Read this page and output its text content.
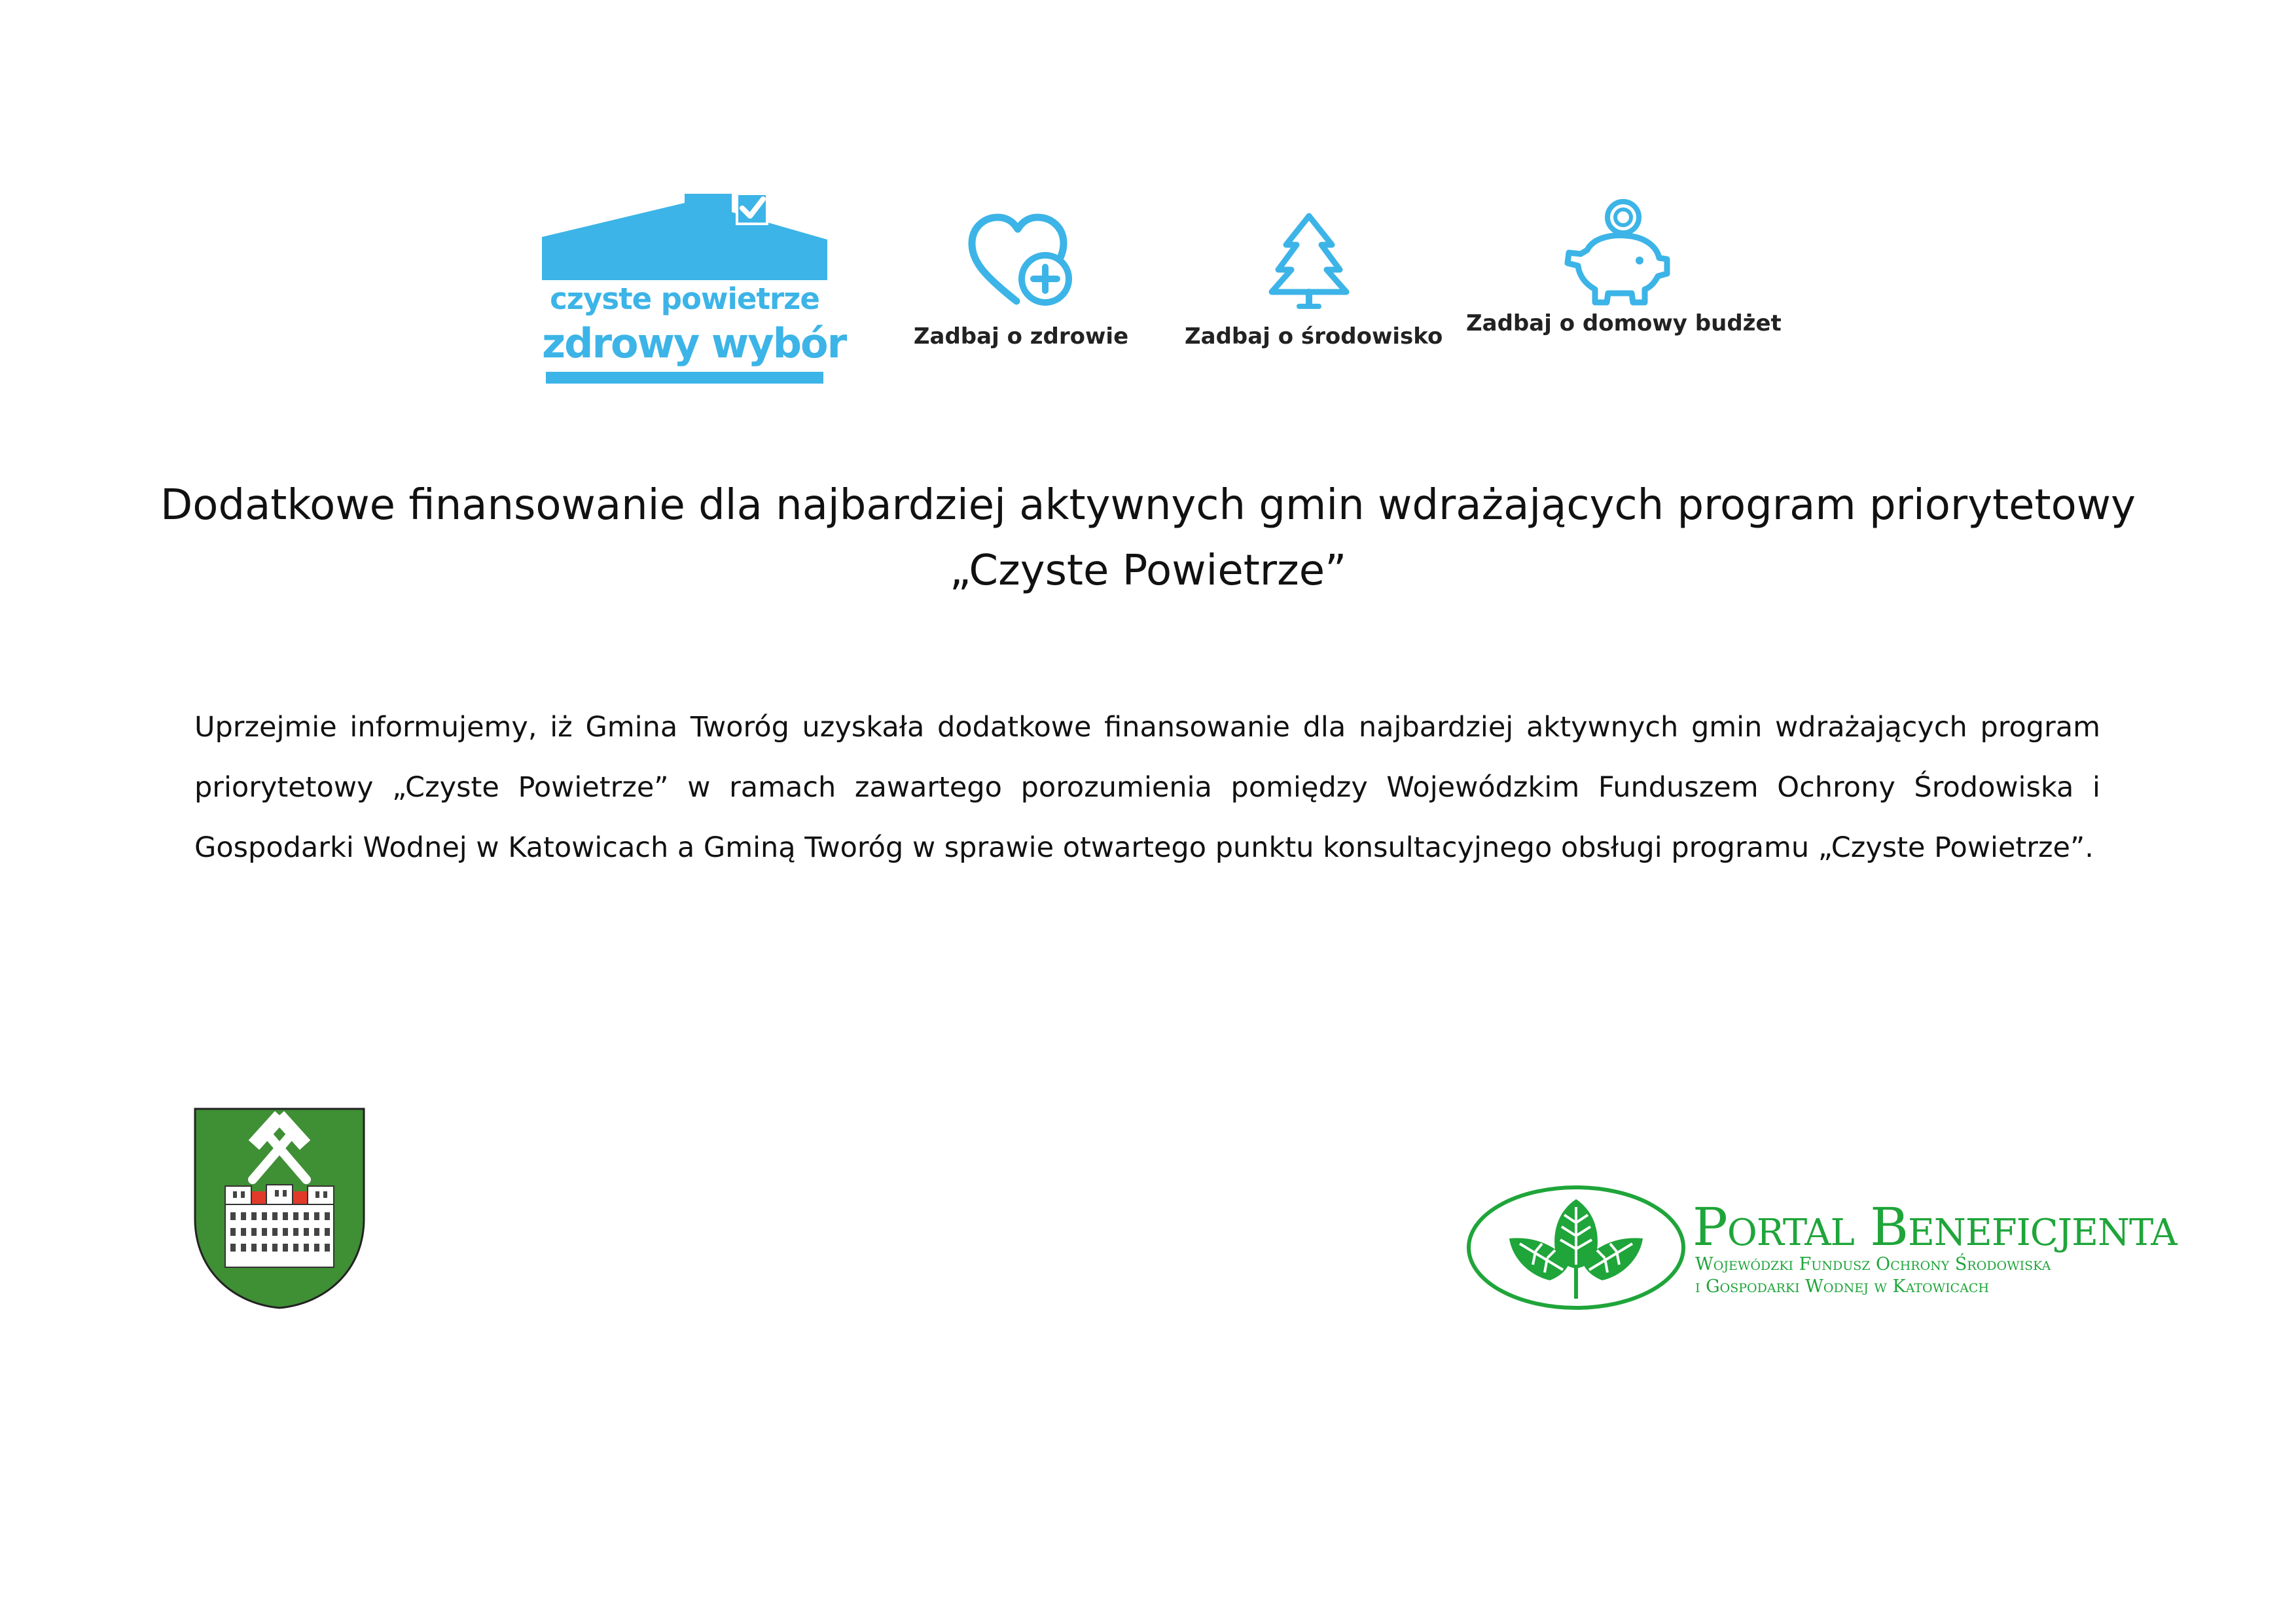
czyste powietrze
zdrowy wybór	Zadbaj o zdrowie	Zadbaj o środowisko Zadbaj o domowy budżet
Dodatkowe finansowanie dla najbardziej aktywnych gmin wdrażających program priorytetowy
„Czyste Powietrze”
Uprzejmie informujemy, iż Gmina Tworóg uzyskała dodatkowe finansowanie dla najbardziej aktywnych gmin wdrażających program priorytetowy „Czyste Powietrze” w ramach zawartego porozumienia pomiędzy Wojewódzkim Funduszem Ochrony Środowiska i Gospodarki Wodnej w Katowicach a Gminą Tworóg w sprawie otwartego punktu konsultacyjnego obsługi programu „Czyste Powietrze”.
Portal Beneficjenta
Wojewódzki Fundusz Ochrony Środowiska
i Gospodarki Wodnej w Katowicach
